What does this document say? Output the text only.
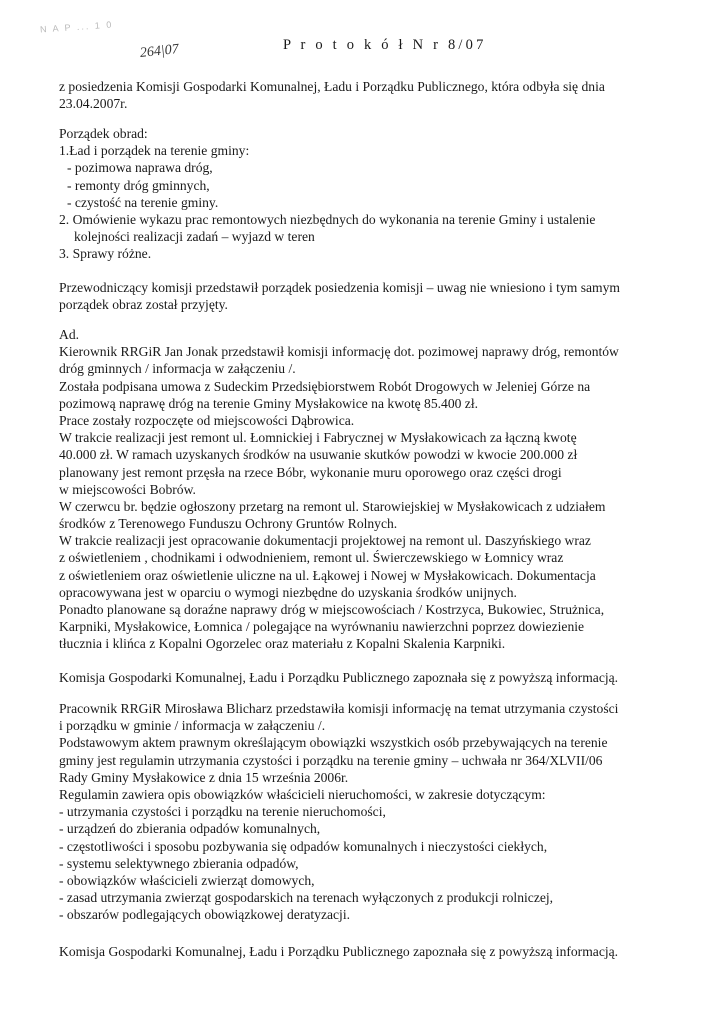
N A P ... 1 0
264|07	P r o t o k ó ł N r 8/07
z posiedzenia Komisji Gospodarki Komunalnej, Ładu i Porządku Publicznego, która odbyła się dnia
23.04.2007r.
Porządek obrad:
1.Ład i porządek na terenie gminy:
- pozimowa naprawa dróg,
- remonty dróg gminnych,
- czystość na terenie gminy.
2. Omówienie wykazu prac remontowych niezbędnych do wykonania na terenie Gminy i ustalenie
kolejności realizacji zadań – wyjazd w teren
3. Sprawy różne.
Przewodniczący komisji przedstawił porządek posiedzenia komisji – uwag nie wniesiono i tym samym
porządek obraz został przyjęty.
Ad.
Kierownik RRGiR Jan Jonak przedstawił komisji informację dot. pozimowej naprawy dróg, remontów
dróg gminnych / informacja w załączeniu /.
Została podpisana umowa z Sudeckim Przedsiębiorstwem Robót Drogowych w Jeleniej Górze na
pozimową naprawę dróg na terenie Gminy Mysłakowice na kwotę 85.400 zł.
Prace zostały rozpoczęte od miejscowości Dąbrowica.
W trakcie realizacji jest remont ul. Łomnickiej i Fabrycznej w Mysłakowicach za łączną kwotę
40.000 zł. W ramach uzyskanych środków na usuwanie skutków powodzi w kwocie 200.000 zł
planowany jest remont przęsła na rzece Bóbr, wykonanie muru oporowego oraz części drogi
w miejscowości Bobrów.
W czerwcu br. będzie ogłoszony przetarg na remont ul. Starowiejskiej w Mysłakowicach z udziałem
środków z Terenowego Funduszu Ochrony Gruntów Rolnych.
W trakcie realizacji jest opracowanie dokumentacji projektowej na remont ul. Daszyńskiego wraz
z oświetleniem , chodnikami i odwodnieniem, remont ul. Świerczewskiego w Łomnicy wraz
z oświetleniem oraz oświetlenie uliczne na ul. Łąkowej i Nowej w Mysłakowicach. Dokumentacja
opracowywana jest w oparciu o wymogi niezbędne do uzyskania środków unijnych.
Ponadto planowane są doraźne naprawy dróg w miejscowościach / Kostrzyca, Bukowiec, Strużnica,
Karpniki, Mysłakowice, Łomnica / polegające na wyrównaniu nawierzchni poprzez dowiezienie
tłucznia i klińca z Kopalni Ogorzelec oraz materiału z Kopalni Skalenia Karpniki.
Komisja Gospodarki Komunalnej, Ładu i Porządku Publicznego zapoznała się z powyższą informacją.
Pracownik RRGiR Mirosława Blicharz przedstawiła komisji informację na temat utrzymania czystości
i porządku w gminie / informacja w załączeniu /.
Podstawowym aktem prawnym określającym obowiązki wszystkich osób przebywających na terenie
gminy jest regulamin utrzymania czystości i porządku na terenie gminy – uchwała nr 364/XLVII/06
Rady Gminy Mysłakowice z dnia 15 września 2006r.
Regulamin zawiera opis obowiązków właścicieli nieruchomości, w zakresie dotyczącym:
- utrzymania czystości i porządku na terenie nieruchomości,
- urządzeń do zbierania odpadów komunalnych,
- częstotliwości i sposobu pozbywania się odpadów komunalnych i nieczystości ciekłych,
- systemu selektywnego zbierania odpadów,
- obowiązków właścicieli zwierząt domowych,
- zasad utrzymania zwierząt gospodarskich na terenach wyłączonych z produkcji rolniczej,
- obszarów podlegających obowiązkowej deratyzacji.
Komisja Gospodarki Komunalnej, Ładu i Porządku Publicznego zapoznała się z powyższą informacją.
